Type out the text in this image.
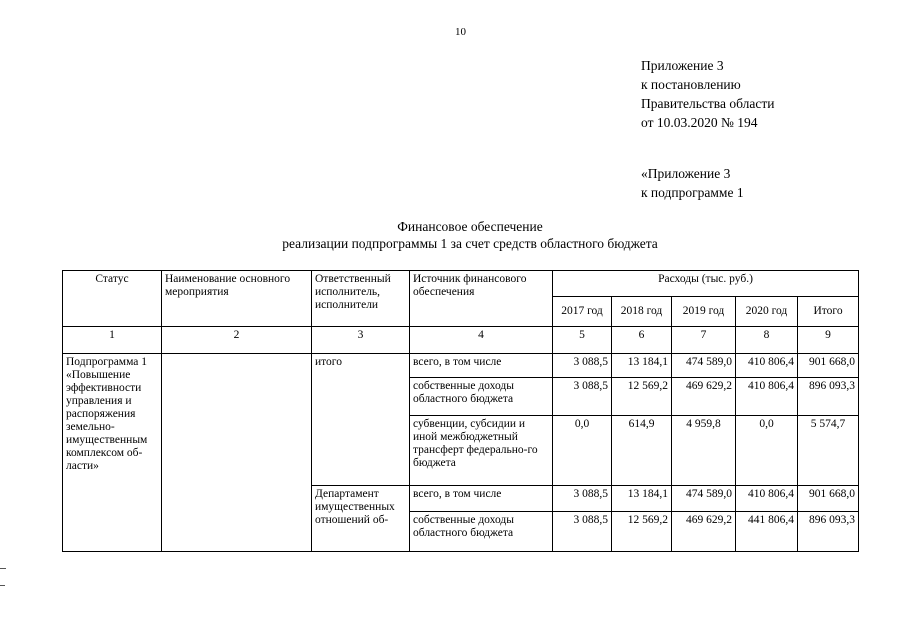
10
Приложение 3
к постановлению
Правительства области
от 10.03.2020 № 194
«Приложение 3
к подпрограмме 1
Финансовое обеспечение
реализации подпрограммы 1 за счет средств областного бюджета
Статус	Наименование основного мероприятия	Ответственный исполнитель, исполнители	Источник финансового обеспечения	Расходы (тыс. руб.)				
				2017 год	2018 год	2019 год	2020 год	Итого
1	2	3	4	5	6	7	8	9
Подпрограмма 1 «Повышение эффективности управления и распоряжения земельно-имущественным комплексом об-ласти»		итого	всего, в том числе	3 088,5	13 184,1	474 589,0	410 806,4	901 668,0
			собственные доходы областного бюджета	3 088,5	12 569,2	469 629,2	410 806,4	896 093,3
			субвенции, субсидии и иной межбюджетный трансферт федерально-го бюджета	0,0	614,9	4 959,8	0,0	5 574,7
		Департамент имущественных отношений об-	всего, в том числе	3 088,5	13 184,1	474 589,0	410 806,4	901 668,0
			собственные доходы областного бюджета	3 088,5	12 569,2	469 629,2	441 806,4	896 093,3
